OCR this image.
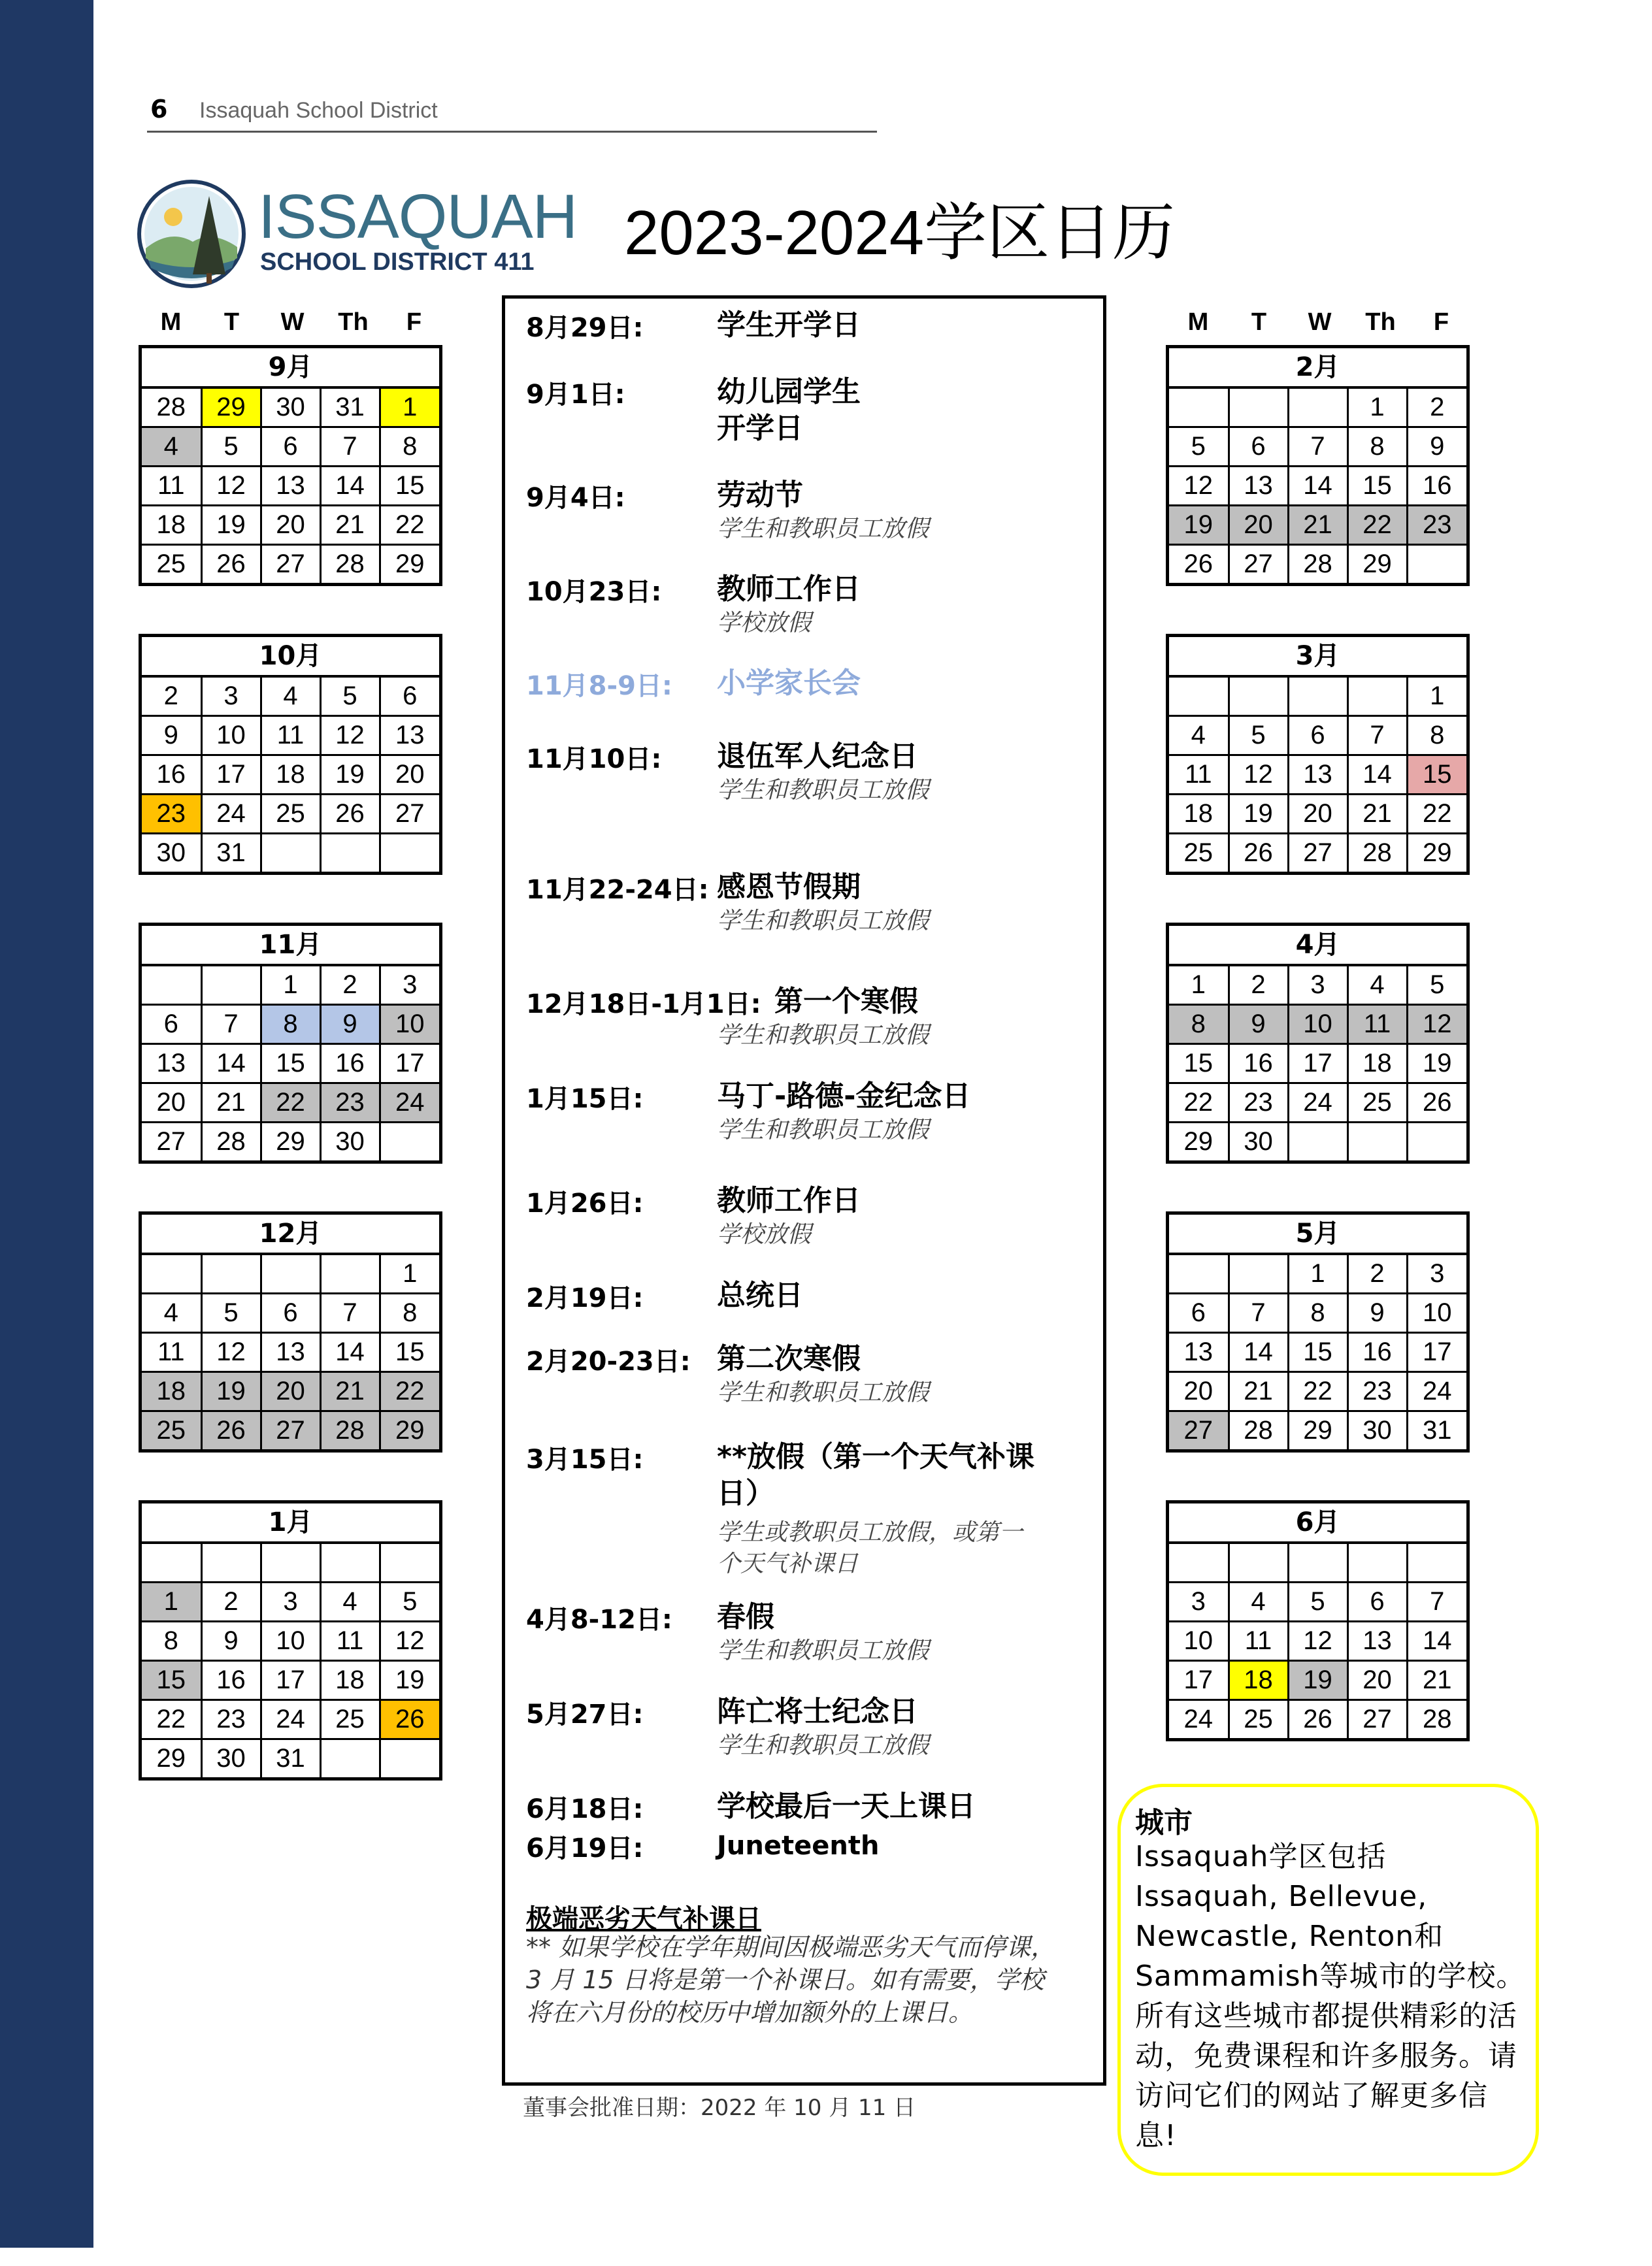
6 Issaquah School District
ISSAQUAH
SCHOOL DISTRICT 411 2023-2024学区日历
M	T	W	Th	F	M	T	W	Th	F
9月
28	29	30	31	1
4	5	6	7	8
11	12	13	14	15
18	19	20	21	22
25	26	27	28	29
10月
2	3	4	5	6
9	10	11	12	13
16	17	18	19	20
23	24	25	26	27
30	31			
11月
		1	2	3
6	7	8	9	10
13	14	15	16	17
20	21	22	23	24
27	28	29	30	
12月
				1
4	5	6	7	8
11	12	13	14	15
18	19	20	21	22
25	26	27	28	29
1月

1	2	3	4	5
8	9	10	11	12
15	16	17	18	19
22	23	24	25	26
29	30	31		
2月
			1	2
5	6	7	8	9
12	13	14	15	16
19	20	21	22	23
26	27	28	29	
3月
				1
4	5	6	7	8
11	12	13	14	15
18	19	20	21	22
25	26	27	28	29
4月
1	2	3	4	5
8	9	10	11	12
15	16	17	18	19
22	23	24	25	26
29	30			
5月
		1	2	3
6	7	8	9	10
13	14	15	16	17
20	21	22	23	24
27	28	29	30	31
6月

3	4	5	6	7
10	11	12	13	14
17	18	19	20	21
24	25	26	27	28
8月29日:	学生开学日
9月1日:	幼儿园学生开学日
9月4日:	劳动节
学生和教职员工放假
10月23日: 教师工作日
学校放假
11月8-9日: 小学家长会
11月10日: 退伍军人纪念日
学生和教职员工放假
11月22-24日: 感恩节假期
学生和教职员工放假
12月18日-1月1日: 第一个寒假
学生和教职员工放假
1月15日:	马丁-路德-金纪念日
学生和教职员工放假
1月26日:	教师工作日
学校放假
2月19日:	总统日
2月20-23日: 第二次寒假
学生和教职员工放假
3月15日:	**放假（第一个天气补课日）
学生或教职员工放假，或第一个天气补课日
4月8-12日: 春假
学生和教职员工放假
5月27日:	阵亡将士纪念日
学生和教职员工放假
6月18日:	学校最后一天上课日
6月19日:	Juneteenth
极端恶劣天气补课日
** 如果学校在学年期间因极端恶劣天气而停课，3 月 15 日将是第一个补课日。如有需要，学校将在六月份的校历中增加额外的上课日。
董事会批准日期：2022 年 10 月 11 日
城市
Issaquah学区包括Issaquah, Bellevue, Newcastle, Renton和Sammamish等城市的学校。所有这些城市都提供精彩的活动，免费课程和许多服务。请访问它们的网站了解更多信息!
